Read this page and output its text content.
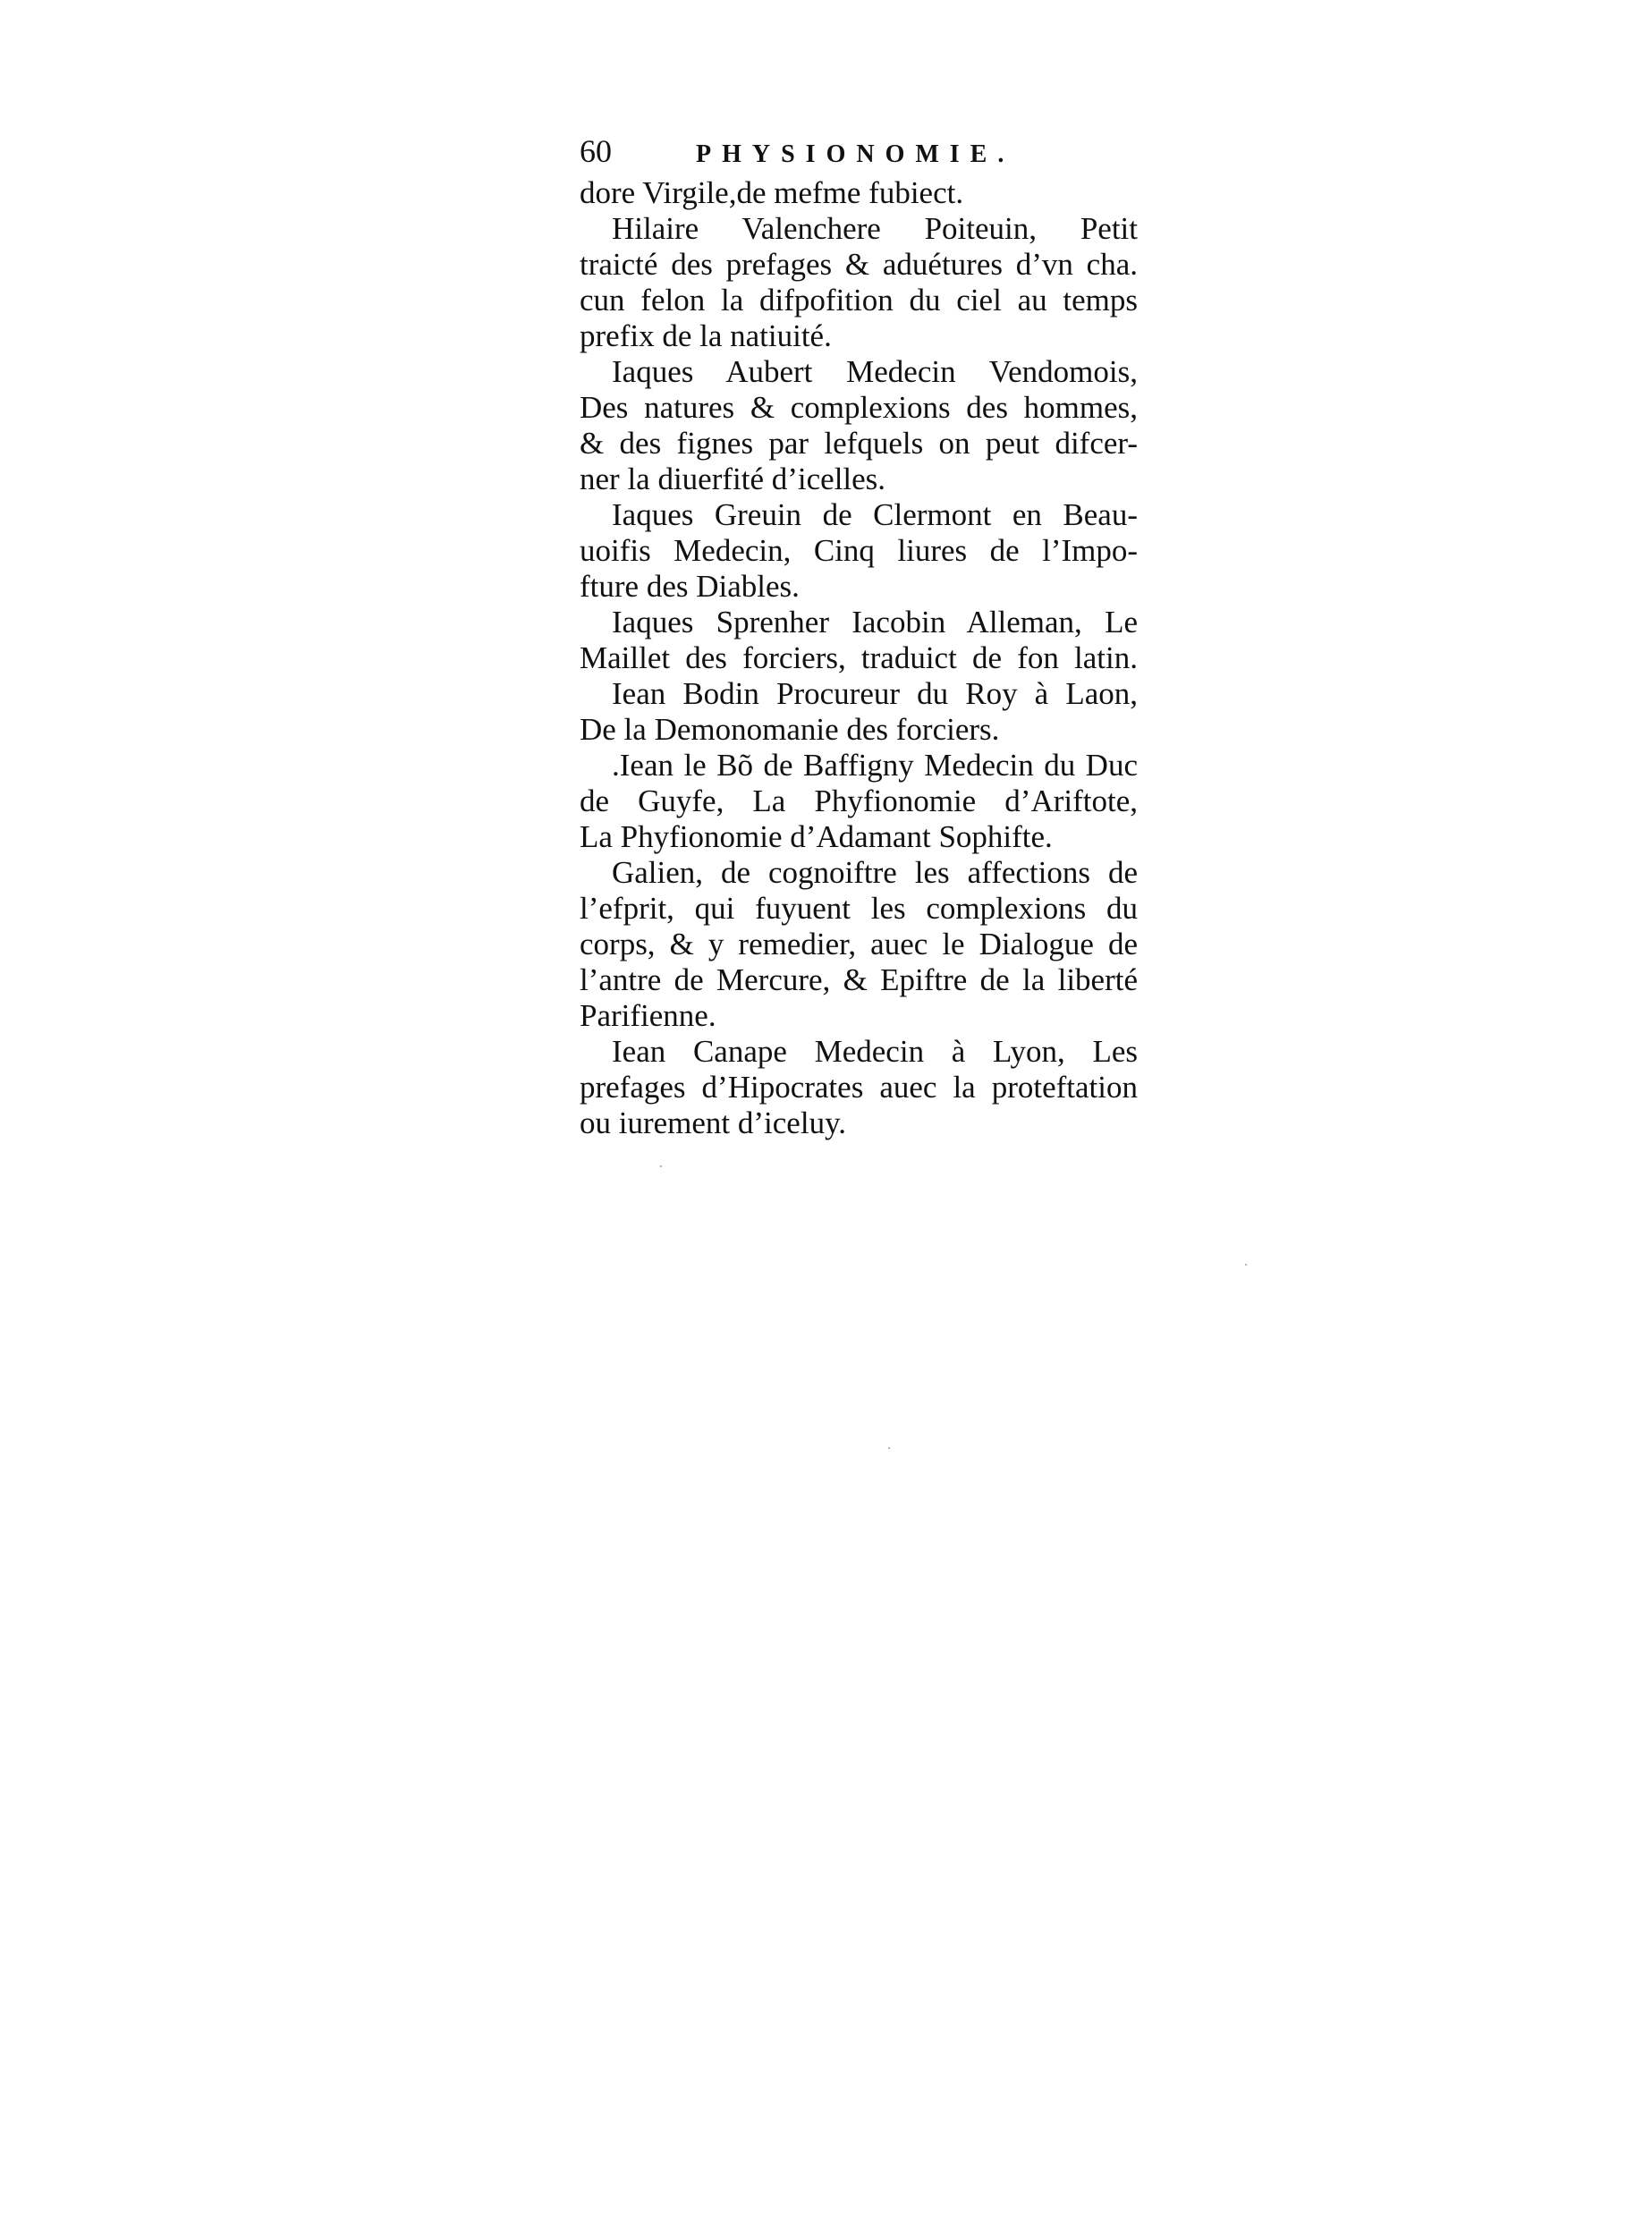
60	PHYSIONOMIE.
dore Virgile,de mefme fubiect.
Hilaire Valenchere Poiteuin, Petit
traicté des prefages & aduétures d’vn cha.
cun felon la difpofition du ciel au temps
prefix de la natiuité.
Iaques Aubert Medecin Vendomois,
Des natures & complexions des hommes,
& des fignes par lefquels on peut difcer-
ner la diuerfité d’icelles.
Iaques Greuin de Clermont en Beau-
uoifis Medecin, Cinq liures de l’Impo-
fture des Diables.
Iaques Sprenher Iacobin Alleman, Le
Maillet des forciers, traduict de fon latin.
Iean Bodin Procureur du Roy à Laon,
De la Demonomanie des forciers.
.Iean le Bõ de Baffigny Medecin du Duc
de Guyfe, La Phyfionomie d’Ariftote,
La Phyfionomie d’Adamant Sophifte.
Galien, de cognoiftre les affections de
l’efprit, qui fuyuent les complexions du
corps, & y remedier, auec le Dialogue de
l’antre de Mercure, & Epiftre de la liberté
Parifienne.
Iean Canape Medecin à Lyon, Les
prefages d’Hipocrates auec la proteftation
ou iurement d’iceluy.
